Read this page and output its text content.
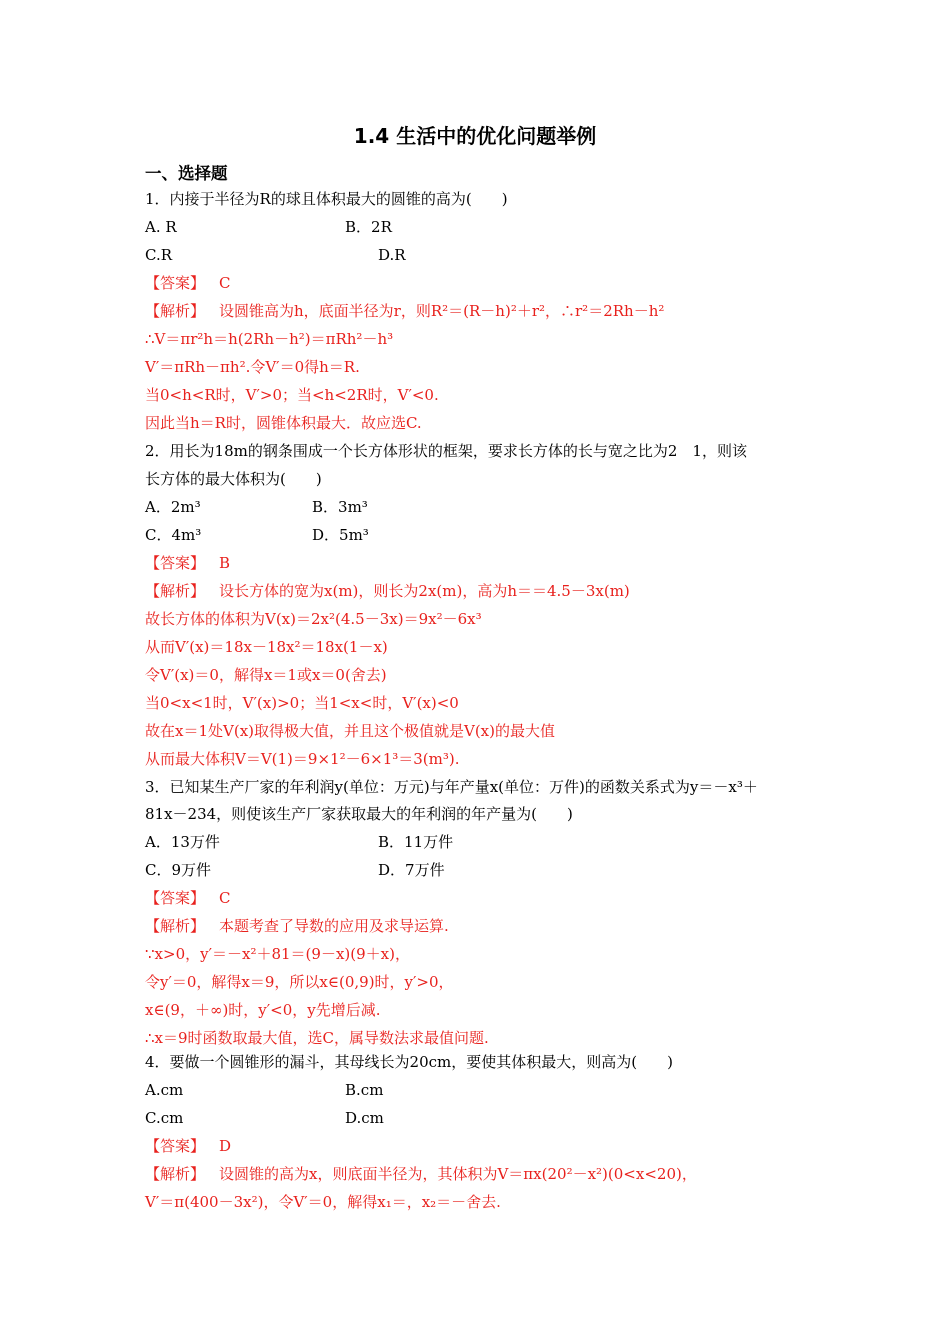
1.4 生活中的优化问题举例
一、选择题
1．内接于半径为R的球且体积最大的圆锥的高为(　　)
A. R	B．2R
C.R	D.R
【答案】 C
【解析】 设圆锥高为h，底面半径为r，则R²＝(R－h)²＋r²，∴r²＝2Rh－h²
∴V＝πr²h＝h(2Rh－h²)＝πRh²－h³
V′＝πRh－πh².令V′＝0得h＝R.
当0<h<R时，V′>0；当<h<2R时，V′<0.
因此当h＝R时，圆锥体积最大．故应选C.
2．用长为18m的钢条围成一个长方体形状的框架，要求长方体的长与宽之比为2　1，则该
长方体的最大体积为(　　)
A．2m³	B．3m³
C．4m³	D．5m³
【答案】 B
【解析】 设长方体的宽为x(m)，则长为2x(m)，高为h＝＝4.5－3x(m)
故长方体的体积为V(x)＝2x²(4.5－3x)＝9x²－6x³
从而V′(x)＝18x－18x²＝18x(1－x)
令V′(x)＝0，解得x＝1或x＝0(舍去)
当0<x<1时，V′(x)>0；当1<x<时，V′(x)<0
故在x＝1处V(x)取得极大值，并且这个极值就是V(x)的最大值
从而最大体积V＝V(1)＝9×1²－6×1³＝3(m³).
3．已知某生产厂家的年利润y(单位：万元)与年产量x(单位：万件)的函数关系式为y＝－x³＋
81x－234，则使该生产厂家获取最大的年利润的年产量为(　　)
A．13万件	B．11万件
C．9万件	D．7万件
【答案】 C
【解析】 本题考查了导数的应用及求导运算.
∵x>0，y′＝－x²＋81＝(9－x)(9＋x)，
令y′＝0，解得x＝9，所以x∈(0,9)时，y′>0，
x∈(9，＋∞)时，y′<0，y先增后减.
∴x＝9时函数取最大值，选C，属导数法求最值问题.
4．要做一个圆锥形的漏斗，其母线长为20cm，要使其体积最大，则高为(　　)
A.cm	B.cm
C.cm	D.cm
【答案】 D
【解析】 设圆锥的高为x，则底面半径为，其体积为V＝πx(20²－x²)(0<x<20)，
V′＝π(400－3x²)，令V′＝0，解得x₁＝，x₂＝－舍去.
